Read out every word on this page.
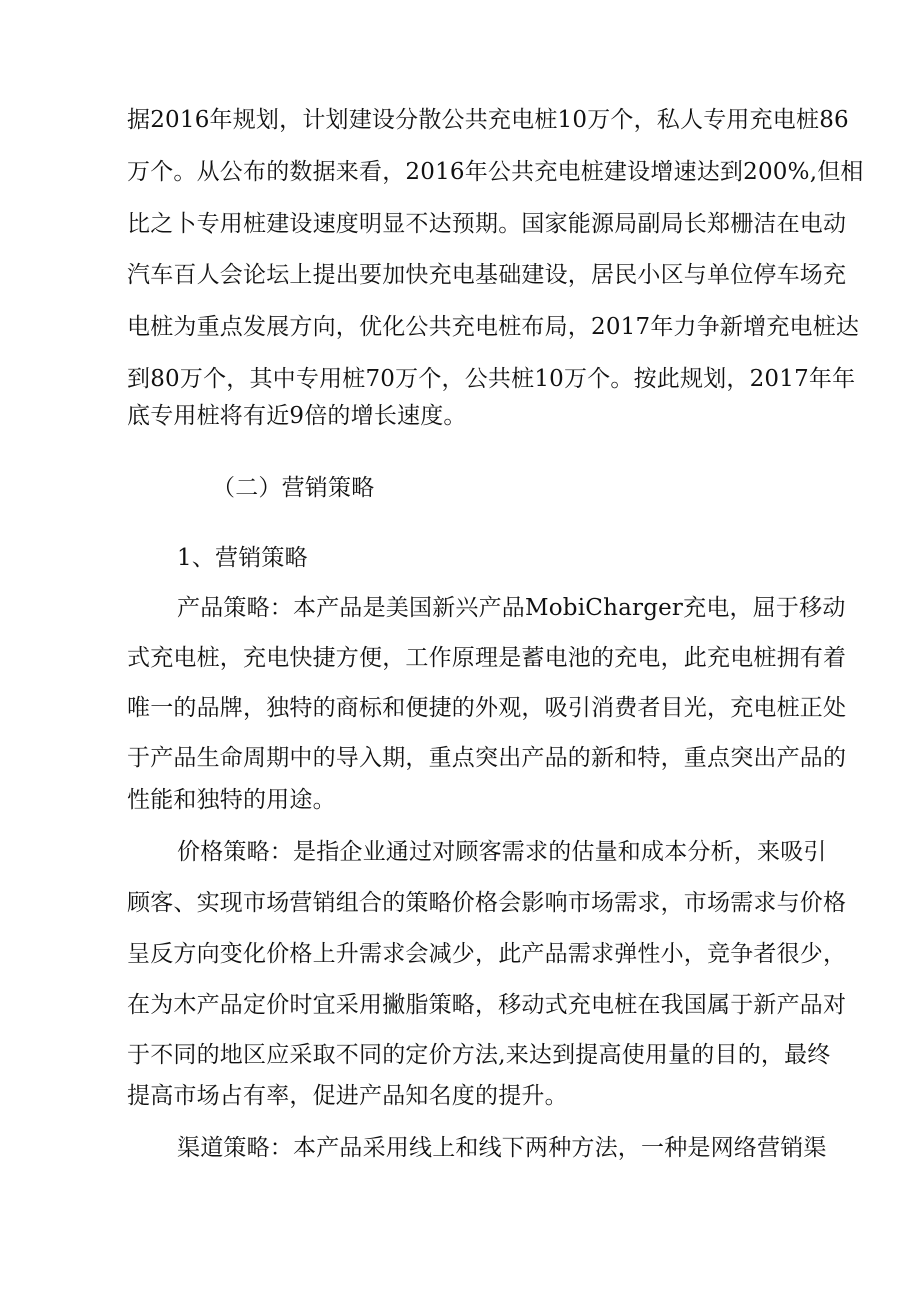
据2016年规划，计划建设分散公共充电桩10万个，私人专用充电桩86
万个。从公布的数据来看，2016年公共充电桩建设增速达到200%,但相
比之卜专用桩建设速度明显不达预期。国家能源局副局长郑栅洁在电动
汽车百人会论坛上提出要加快充电基础建设，居民小区与单位停车场充
电桩为重点发展方向，优化公共充电桩布局，2017年力争新增充电桩达
到80万个，其中专用桩70万个，公共桩10万个。按此规划，2017年年
底专用桩将有近9倍的增长速度。
（二）营销策略
1、营销策略
产品策略：本产品是美国新兴产品MobiCharger充电，屈于移动
式充电桩，充电快捷方便，工作原理是蓄电池的充电，此充电桩拥有着
唯一的品牌，独特的商标和便捷的外观，吸引消费者目光，充电桩正处
于产品生命周期中的导入期，重点突出产品的新和特，重点突出产品的
性能和独特的用途。
价格策略：是指企业通过对顾客需求的估量和成本分析，来吸引
顾客、实现市场营销组合的策略价格会影响市场需求，市场需求与价格
呈反方向变化价格上升需求会减少，此产品需求弹性小，竞争者很少，
在为木产品定价时宜采用撇脂策略，移动式充电桩在我国属于新产品对
于不同的地区应采取不同的定价方法,来达到提高使用量的目的，最终
提高市场占有率，促进产品知名度的提升。
渠道策略：本产品采用线上和线下两种方法，一种是网络营销渠
